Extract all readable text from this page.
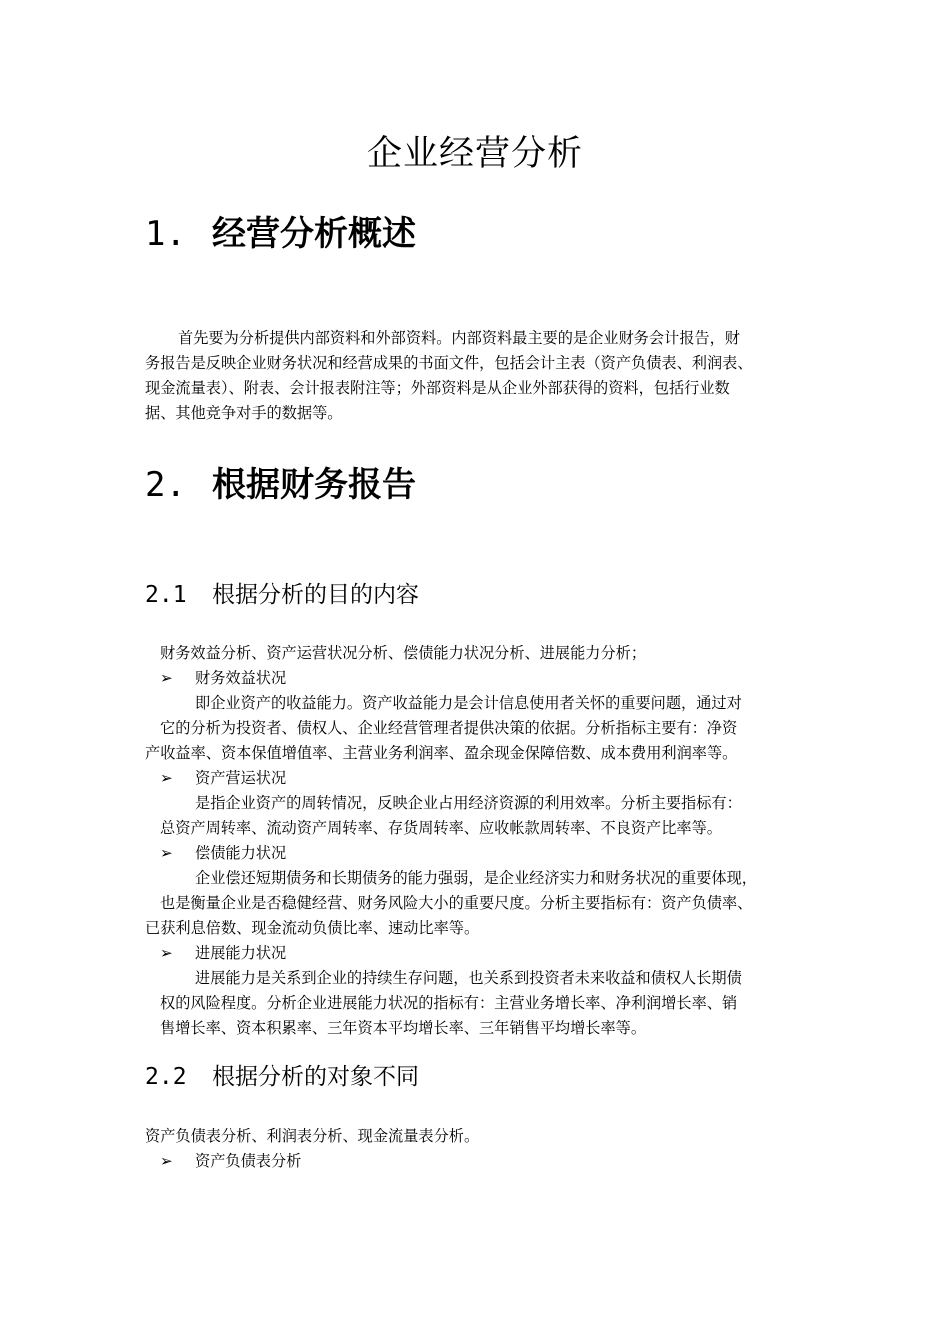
企业经营分析
1. 经营分析概述
首先要为分析提供内部资料和外部资料。内部资料最主要的是企业财务会计报告，财
务报告是反映企业财务状况和经营成果的书面文件，包括会计主表（资产负债表、利润表、
现金流量表）、附表、会计报表附注等；外部资料是从企业外部获得的资料，包括行业数
据、其他竞争对手的数据等。
2. 根据财务报告
2.1 根据分析的目的内容
财务效益分析、资产运营状况分析、偿债能力状况分析、进展能力分析；
➢ 财务效益状况
即企业资产的收益能力。资产收益能力是会计信息使用者关怀的重要问题，通过对
它的分析为投资者、债权人、企业经营管理者提供决策的依据。分析指标主要有：净资
产收益率、资本保值增值率、主营业务利润率、盈余现金保障倍数、成本费用利润率等。
➢ 资产营运状况
是指企业资产的周转情况，反映企业占用经济资源的利用效率。分析主要指标有：
总资产周转率、流动资产周转率、存货周转率、应收帐款周转率、不良资产比率等。
➢ 偿债能力状况
企业偿还短期债务和长期债务的能力强弱，是企业经济实力和财务状况的重要体现，
也是衡量企业是否稳健经营、财务风险大小的重要尺度。分析主要指标有：资产负债率、
已获利息倍数、现金流动负债比率、速动比率等。
➢ 进展能力状况
进展能力是关系到企业的持续生存问题，也关系到投资者未来收益和债权人长期债
权的风险程度。分析企业进展能力状况的指标有：主营业务增长率、净利润增长率、销
售增长率、资本积累率、三年资本平均增长率、三年销售平均增长率等。
2.2 根据分析的对象不同
资产负债表分析、利润表分析、现金流量表分析。
➢ 资产负债表分析
